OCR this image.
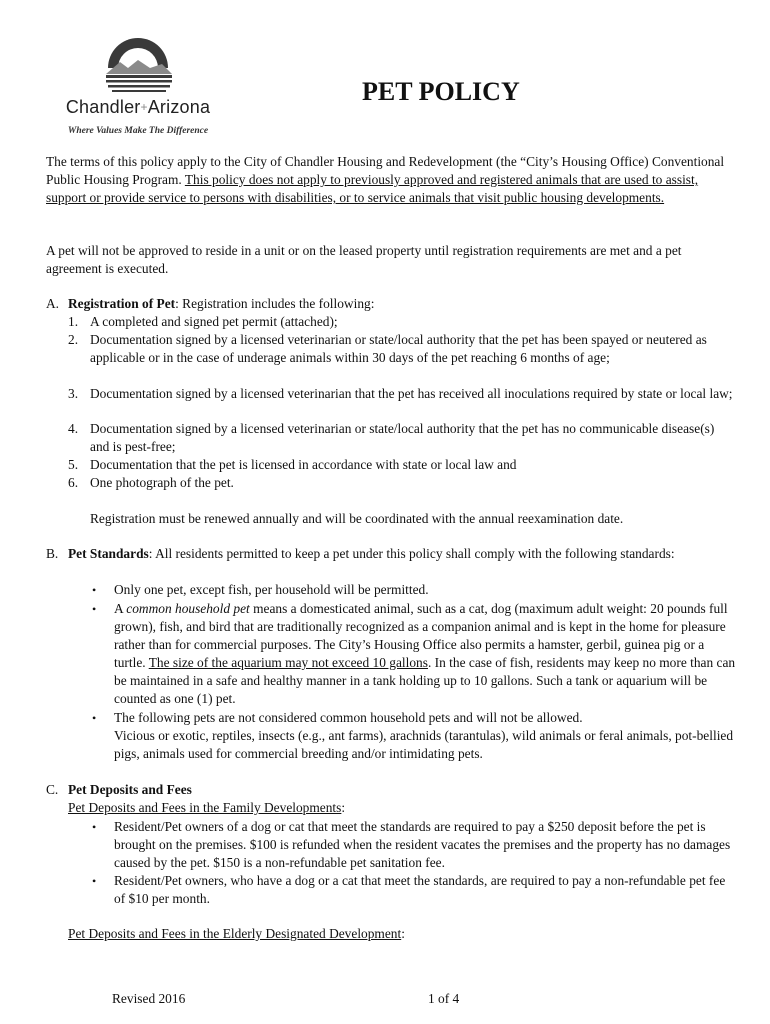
Chandler+Arizona
Where Values Make The Difference
PET POLICY

The terms of this policy apply to the City of Chandler Housing and Redevelopment (the “City’s Housing Office) Conventional Public Housing Program. This policy does not apply to previously approved and registered animals that are used to assist, support or provide service to persons with disabilities, or to service animals that visit public housing developments.

A pet will not be approved to reside in a unit or on the leased property until registration requirements are met and a pet agreement is executed.

A. Registration of Pet: Registration includes the following:
1. A completed and signed pet permit (attached);
2. Documentation signed by a licensed veterinarian or state/local authority that the pet has been spayed or neutered as applicable or in the case of underage animals within 30 days of the pet reaching 6 months of age;
3. Documentation signed by a licensed veterinarian that the pet has received all inoculations required by state or local law;
4. Documentation signed by a licensed veterinarian or state/local authority that the pet has no communicable disease(s) and is pest-free;
5. Documentation that the pet is licensed in accordance with state or local law and
6. One photograph of the pet.
Registration must be renewed annually and will be coordinated with the annual reexamination date.
B. Pet Standards: All residents permitted to keep a pet under this policy shall comply with the following standards:
• Only one pet, except fish, per household will be permitted.
• A common household pet means a domesticated animal, such as a cat, dog (maximum adult weight: 20 pounds full grown), fish, and bird that are traditionally recognized as a companion animal and is kept in the home for pleasure rather than for commercial purposes. The City’s Housing Office also permits a hamster, gerbil, guinea pig or a turtle. The size of the aquarium may not exceed 10 gallons. In the case of fish, residents may keep no more than can be maintained in a safe and healthy manner in a tank holding up to 10 gallons. Such a tank or aquarium will be counted as one (1) pet.
• The following pets are not considered common household pets and will not be allowed.
Vicious or exotic, reptiles, insects (e.g., ant farms), arachnids (tarantulas), wild animals or feral animals, pot-bellied pigs, animals used for commercial breeding and/or intimidating pets.
C. Pet Deposits and Fees
Pet Deposits and Fees in the Family Developments:
• Resident/Pet owners of a dog or cat that meet the standards are required to pay a $250 deposit before the pet is brought on the premises. $100 is refunded when the resident vacates the premises and the property has no damages caused by the pet. $150 is a non-refundable pet sanitation fee.
• Resident/Pet owners, who have a dog or a cat that meet the standards, are required to pay a non-refundable pet fee of $10 per month.
Pet Deposits and Fees in the Elderly Designated Development:
Revised 2016	1 of 4
